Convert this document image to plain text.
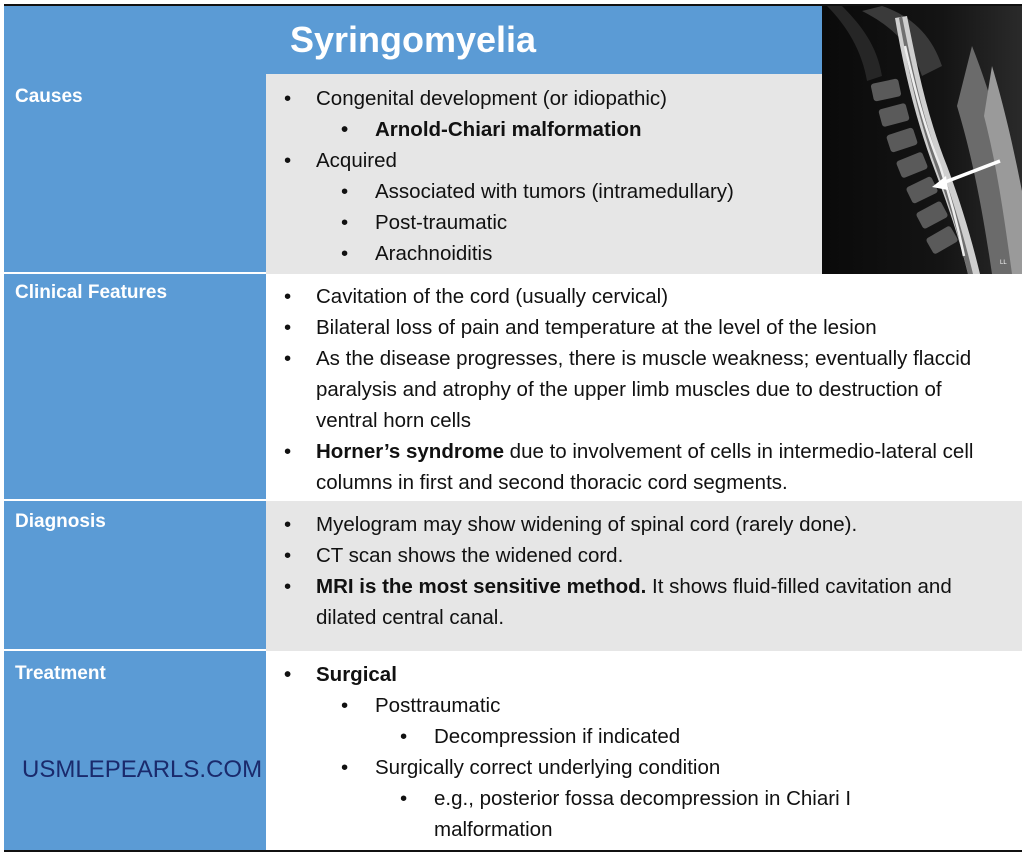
Syringomyelia
LL
Causes	• Congenital development (or idiopathic)
• Arnold-Chiari malformation
• Acquired
• Associated with tumors (intramedullary)
• Post-traumatic
• Arachnoiditis
Clinical Features	• Cavitation of the cord (usually cervical)
• Bilateral loss of pain and temperature at the level of the lesion
• As the disease progresses, there is muscle weakness; eventually flaccid paralysis and atrophy of the upper limb muscles due to destruction of ventral horn cells
• Horner’s syndrome due to involvement of cells in intermedio-lateral cell columns in first and second thoracic cord segments.
Diagnosis	• Myelogram may show widening of spinal cord (rarely done).
• CT scan shows the widened cord.
• MRI is the most sensitive method. It shows fluid-filled cavitation and dilated central canal.
Treatment	• Surgical
• Posttraumatic
• Decompression if indicated
• Surgically correct underlying condition
• e.g., posterior fossa decompression in Chiari I malformation
USMLEPEARLS.COM
